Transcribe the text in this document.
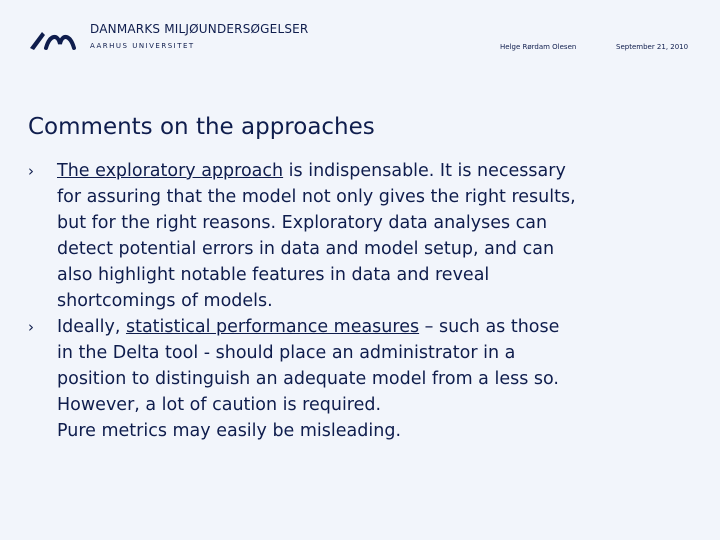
DANMARKS MILJØUNDERSØGELSER
AARHUS UNIVERSITET	Helge Rørdam Olesen	September 21, 2010
Comments on the approaches
› The exploratory approach is indispensable. It is necessary
for assuring that the model not only gives the right results,
but for the right reasons. Exploratory data analyses can
detect potential errors in data and model setup, and can
also highlight notable features in data and reveal
shortcomings of models.
› Ideally, statistical performance measures – such as those
in the Delta tool - should place an administrator in a
position to distinguish an adequate model from a less so.
However, a lot of caution is required.
Pure metrics may easily be misleading.
